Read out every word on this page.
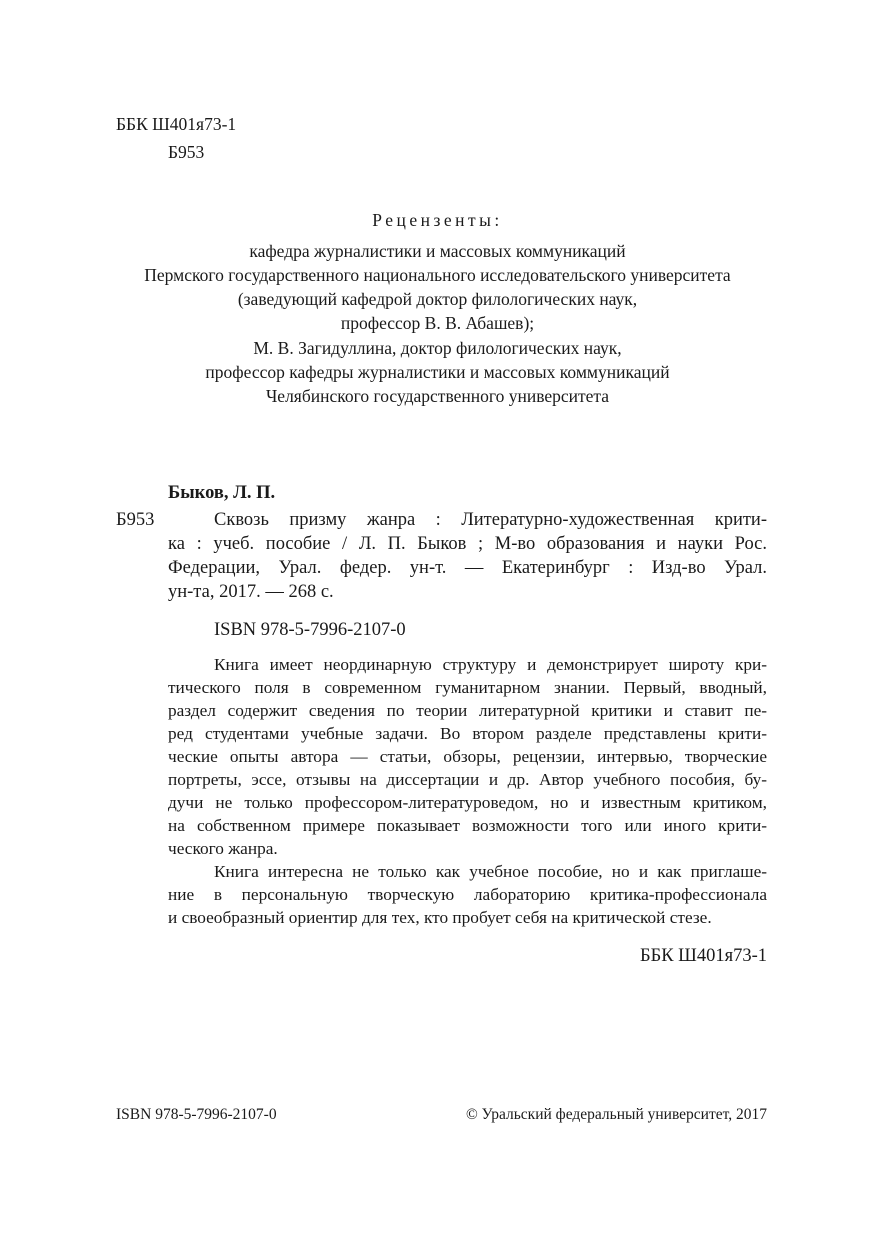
ББК Ш401я73-1
Б953
Рецензенты:
кафедра журналистики и массовых коммуникаций
Пермского государственного национального исследовательского университета
(заведующий кафедрой доктор филологических наук,
профессор В. В. Абашев);
М. В. Загидуллина, доктор филологических наук,
профессор кафедры журналистики и массовых коммуникаций
Челябинского государственного университета
Быков, Л. П.
Б953	Сквозь призму жанра : Литературно-художественная крити-
ка : учеб. пособие / Л. П. Быков ; М-во образования и науки Рос.
Федерации, Урал. федер. ун-т. — Екатеринбург : Изд-во Урал.
ун-та, 2017. — 268 с.
ISBN 978-5-7996-2107-0
Книга имеет неординарную структуру и демонстрирует широту кри-
тического поля в современном гуманитарном знании. Первый, вводный,
раздел содержит сведения по теории литературной критики и ставит пе-
ред студентами учебные задачи. Во втором разделе представлены крити-
ческие опыты автора — статьи, обзоры, рецензии, интервью, творческие
портреты, эссе, отзывы на диссертации и др. Автор учебного пособия, бу-
дучи не только профессором-литературоведом, но и известным критиком,
на собственном примере показывает возможности того или иного крити-
ческого жанра.
Книга интересна не только как учебное пособие, но и как приглаше-
ние в персональную творческую лабораторию критика-профессионала
и своеобразный ориентир для тех, кто пробует себя на критической стезе.
ББК Ш401я73-1
ISBN 978-5-7996-2107-0	© Уральский федеральный университет, 2017
